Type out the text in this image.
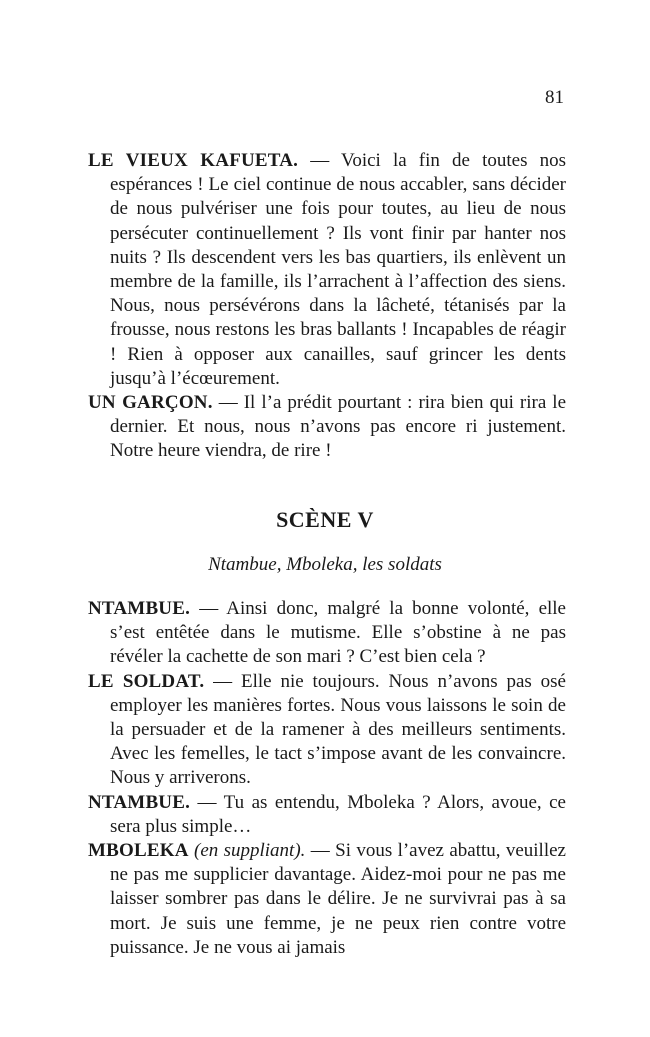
81

LE VIEUX KAFUETA. — Voici la fin de toutes nos espérances ! Le ciel continue de nous accabler, sans décider de nous pulvériser une fois pour toutes, au lieu de nous persécuter continuellement ? Ils vont finir par hanter nos nuits ? Ils descendent vers les bas quartiers, ils enlèvent un membre de la famille, ils l’arrachent à l’affection des siens. Nous, nous persévérons dans la lâcheté, tétanisés par la frousse, nous restons les bras ballants ! Incapables de réagir ! Rien à opposer aux canailles, sauf grincer les dents jusqu’à l’écœurement.

UN GARÇON. — Il l’a prédit pourtant : rira bien qui rira le dernier. Et nous, nous n’avons pas encore ri justement. Notre heure viendra, de rire !

SCÈNE V
Ntambue, Mboleka, les soldats

NTAMBUE. — Ainsi donc, malgré la bonne volonté, elle s’est entêtée dans le mutisme. Elle s’obstine à ne pas révéler la cachette de son mari ? C’est bien cela ?

LE SOLDAT. — Elle nie toujours. Nous n’avons pas osé employer les manières fortes. Nous vous laissons le soin de la persuader et de la ramener à des meilleurs sentiments. Avec les femelles, le tact s’impose avant de les convaincre. Nous y arriverons.

NTAMBUE. — Tu as entendu, Mboleka ? Alors, avoue, ce sera plus simple…

MBOLEKA (en suppliant). — Si vous l’avez abattu, veuillez ne pas me supplicier davantage. Aidez-moi pour ne pas me laisser sombrer pas dans le délire. Je ne survivrai pas à sa mort. Je suis une femme, je ne peux rien contre votre puissance. Je ne vous ai jamais
